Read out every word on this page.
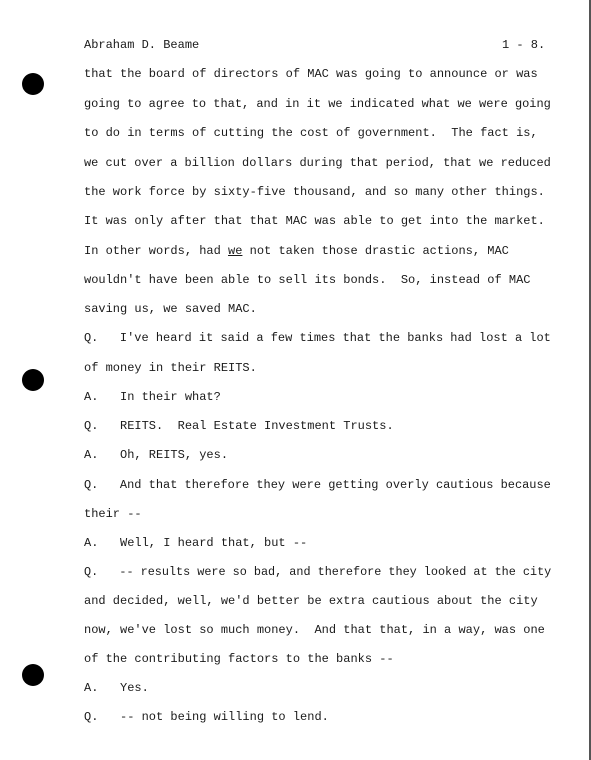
Abraham D. Beame	1 - 8.
that the board of directors of MAC was going to announce or was
going to agree to that, and in it we indicated what we were going
to do in terms of cutting the cost of government.  The fact is,
we cut over a billion dollars during that period, that we reduced
the work force by sixty-five thousand, and so many other things.
It was only after that that MAC was able to get into the market.
In other words, had we not taken those drastic actions, MAC
wouldn't have been able to sell its bonds.  So, instead of MAC
saving us, we saved MAC.
Q.   I've heard it said a few times that the banks had lost a lot
of money in their REITS.
A.   In their what?
Q.   REITS.  Real Estate Investment Trusts.
A.   Oh, REITS, yes.
Q.   And that therefore they were getting overly cautious because
their --
A.   Well, I heard that, but --
Q.   -- results were so bad, and therefore they looked at the city
and decided, well, we'd better be extra cautious about the city
now, we've lost so much money.  And that that, in a way, was one
of the contributing factors to the banks --
A.   Yes.
Q.   -- not being willing to lend.
